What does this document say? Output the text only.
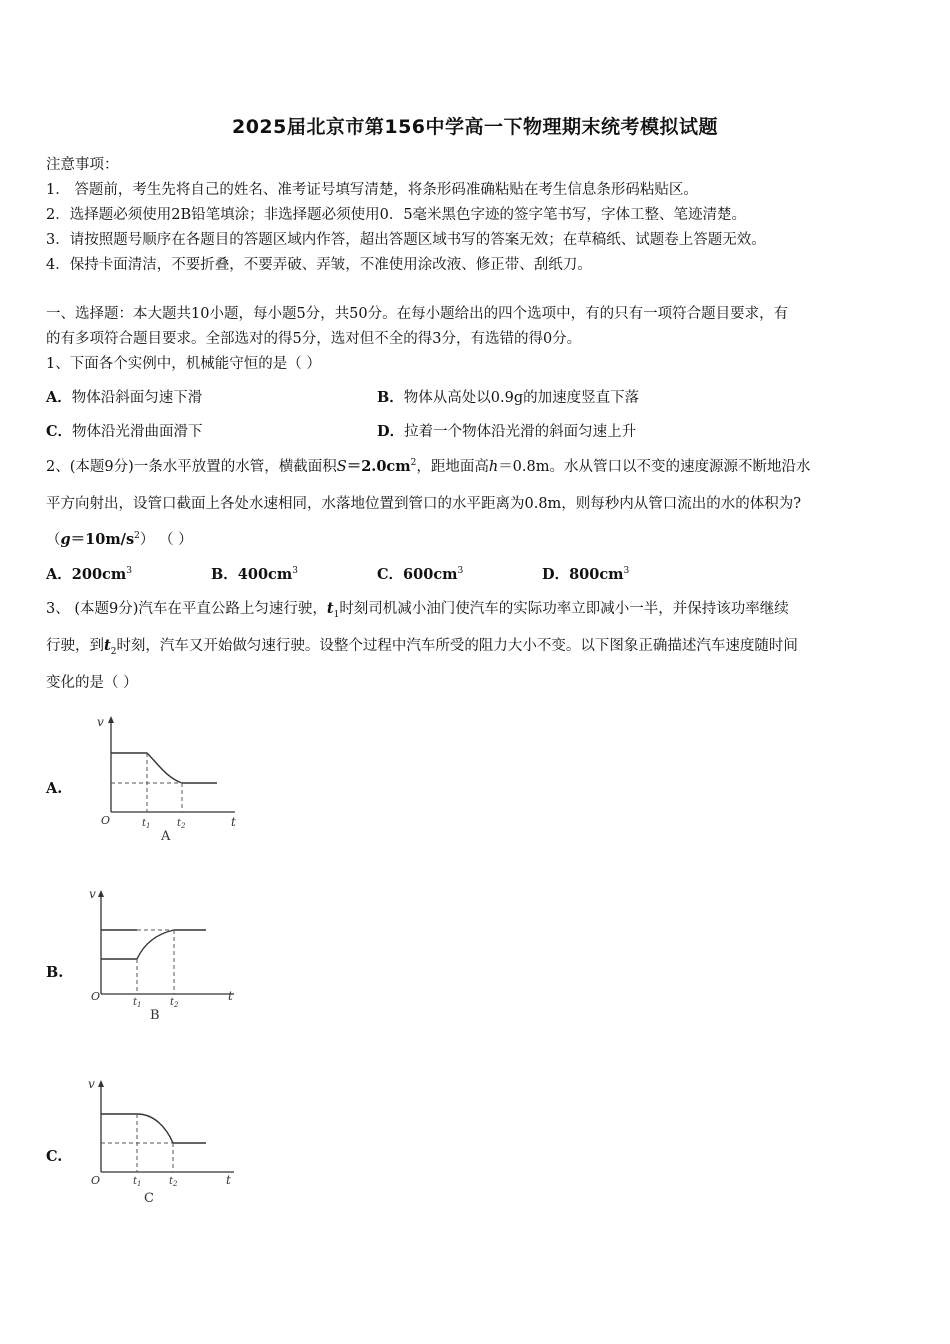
2025届北京市第156中学高一下物理期末统考模拟试题
注意事项：
1． 答题前，考生先将自己的姓名、准考证号填写清楚，将条形码准确粘贴在考生信息条形码粘贴区。
2．选择题必须使用2B铅笔填涂；非选择题必须使用0．5毫米黑色字迹的签字笔书写，字体工整、笔迹清楚。
3．请按照题号顺序在各题目的答题区域内作答，超出答题区域书写的答案无效；在草稿纸、试题卷上答题无效。
4．保持卡面清洁，不要折叠，不要弄破、弄皱，不准使用涂改液、修正带、刮纸刀。
一、选择题：本大题共10小题，每小题5分，共50分。在每小题给出的四个选项中，有的只有一项符合题目要求，有
的有多项符合题目要求。全部选对的得5分，选对但不全的得3分，有选错的得0分。
1、下面各个实例中，机械能守恒的是（ ）
A．物体沿斜面匀速下滑	B．物体从高处以0.9g的加速度竖直下落
C．物体沿光滑曲面滑下	D．拉着一个物体沿光滑的斜面匀速上升
2、(本题9分)一条水平放置的水管，横截面积$S=2.0cm^2$，距地面高h＝0.8m。水从管口以不变的速度源源不断地沿水
平方向射出，设管口截面上各处水速相同，水落地位置到管口的水平距离为0.8m，则每秒内从管口流出的水的体积为?
$(g=10m/s^2)$ （ ）
A．$200cm^3$	B．$400cm^3$	C．$600cm^3$	D．$800cm^3$
3、 (本题9分)汽车在平直公路上匀速行驶，$t_1$时刻司机减小油门使汽车的实际功率立即减小一半，并保持该功率继续
行驶，到$t_2$时刻，汽车又开始做匀速行驶。设整个过程中汽车所受的阻力大小不变。以下图象正确描述汽车速度随时间
变化的是（ ）
A.
v
t
O	$t_1$	$t_2$
A
B.
v
t
O	$t_1$	$t_2$
B
C.
v
t
O	$t_1$	$t_2$
C
